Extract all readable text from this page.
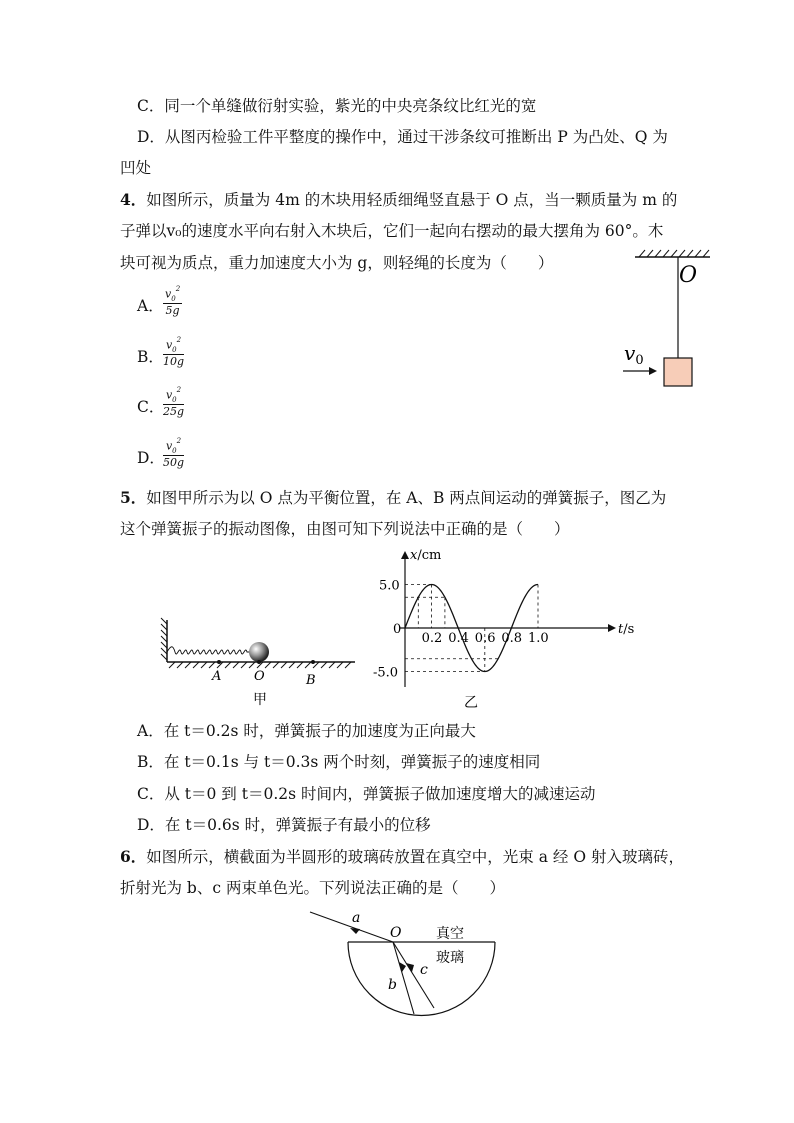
C．同一个单缝做衍射实验，紫光的中央亮条纹比红光的宽
D．从图丙检验工件平整度的操作中，通过干涉条纹可推断出 P 为凸处、Q 为
凹处
4．如图所示，质量为 4m 的木块用轻质细绳竖直悬于 O 点，当一颗质量为 m 的
子弹以v₀的速度水平向右射入木块后，它们一起向右摆动的最大摆角为 60°。木
块可视为质点，重力加速度大小为 g，则轻绳的长度为（　　）
A． $\frac{v_0^2}{5g}$
B． $\frac{v_0^2}{10g}$
C．
$\frac{v_0^2}{25g}$
D．
$\frac{v_0^2}{50g}$
O
$v_0$
5．如图甲所示为以 O 点为平衡位置，在 A、B 两点间运动的弹簧振子，图乙为
这个弹簧振子的振动图像，由图可知下列说法中正确的是（　　）
A	O	B
甲
0.2 0.4 0.6 0.8 1.0
5.0
-5.0
0
x/cm
t/s
乙
A．在 t＝0.2s 时，弹簧振子的加速度为正向最大
B．在 t＝0.1s 与 t＝0.3s 两个时刻，弹簧振子的速度相同
C．从 t＝0 到 t＝0.2s 时间内，弹簧振子做加速度增大的减速运动
D．在 t＝0.6s 时，弹簧振子有最小的位移
6．如图所示，横截面为半圆形的玻璃砖放置在真空中，光束 a 经 O 射入玻璃砖，
折射光为 b、c 两束单色光。下列说法正确的是（　　）
a
O
b
c
真空
玻璃
